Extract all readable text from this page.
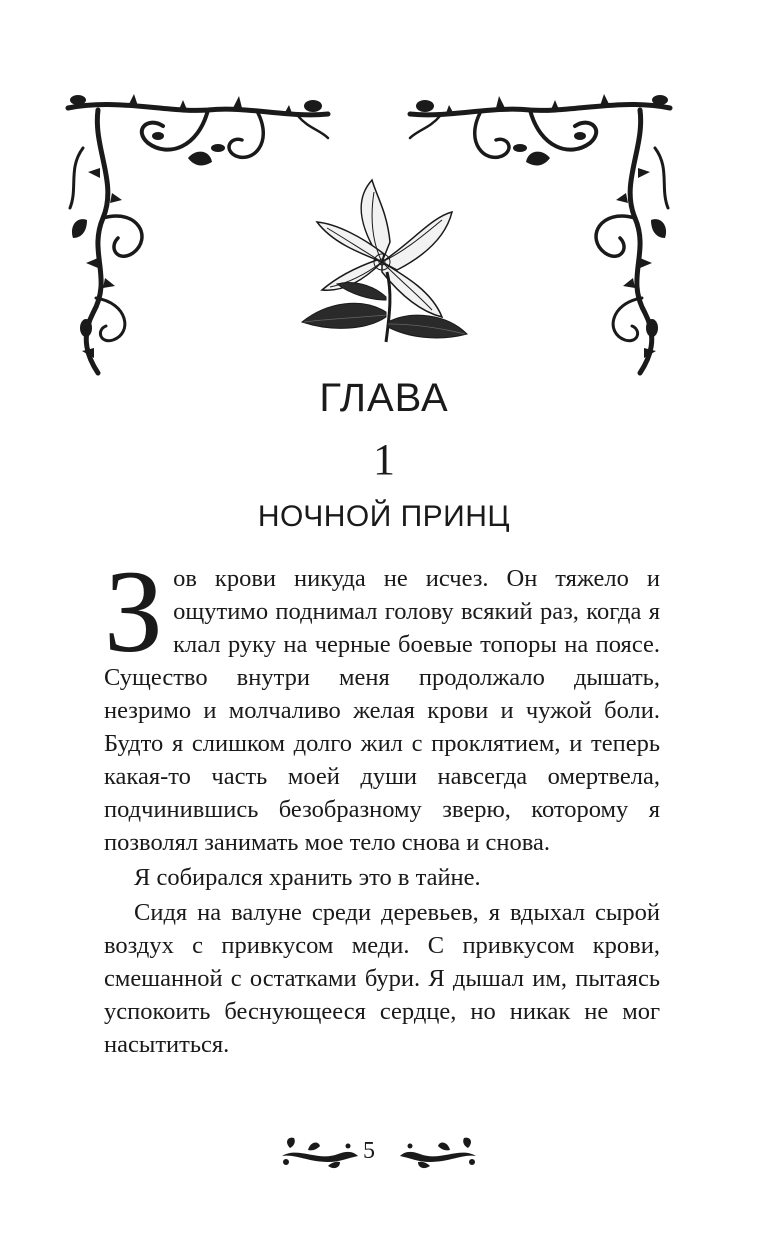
ГЛАВА
1
НОЧНОЙ ПРИНЦ

Зов крови никуда не исчез. Он тяжело и ощутимо поднимал голову всякий раз, когда я клал руку на черные боевые топоры на поясе. Существо внутри меня продолжало дышать, незримо и молчаливо желая крови и чужой боли. Будто я слишком долго жил с проклятием, и теперь какая-то часть моей души навсегда омертвела, подчинившись безобразному зверю, которому я позволял занимать мое тело снова и снова.

Я собирался хранить это в тайне.

Сидя на валуне среди деревьев, я вдыхал сырой воздух с привкусом меди. С привкусом крови, смешанной с остатками бури. Я дышал им, пытаясь успокоить беснующееся сердце, но никак не мог насытиться.

5
